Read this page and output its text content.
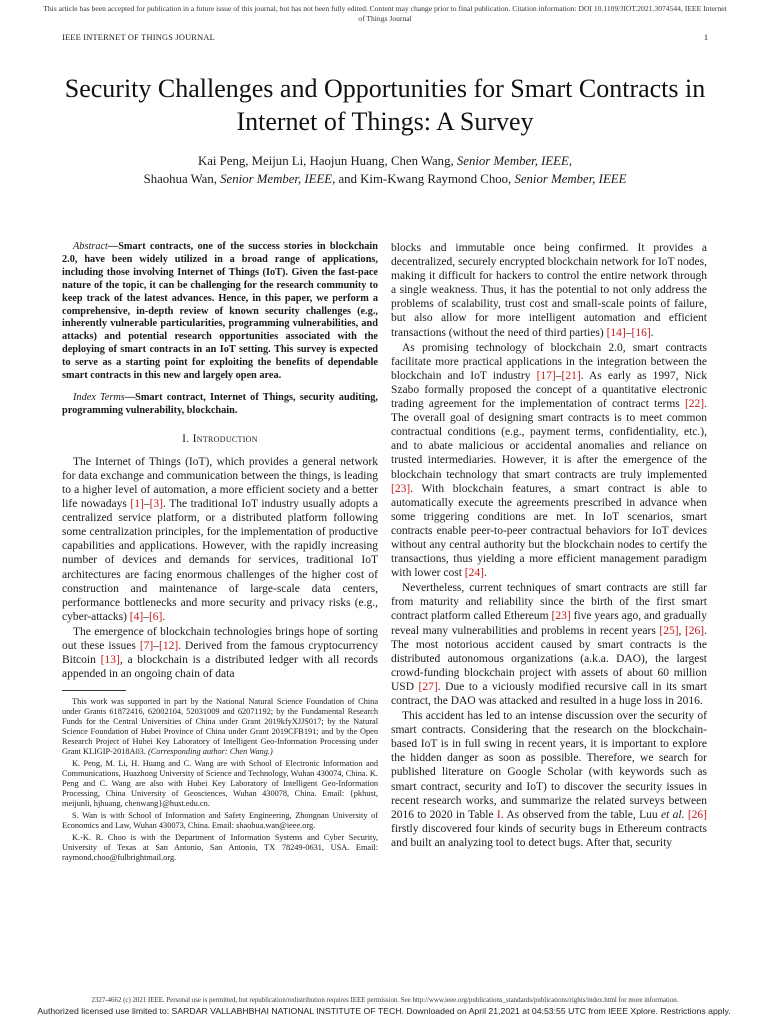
This article has been accepted for publication in a future issue of this journal, but has not been fully edited. Content may change prior to final publication. Citation information: DOI 10.1109/JIOT.2021.3074544, IEEE Internet of Things Journal
IEEE INTERNET OF THINGS JOURNAL	1
Security Challenges and Opportunities for Smart Contracts in Internet of Things: A Survey
Kai Peng, Meijun Li, Haojun Huang, Chen Wang, Senior Member, IEEE,
Shaohua Wan, Senior Member, IEEE, and Kim-Kwang Raymond Choo, Senior Member, IEEE

Abstract—Smart contracts, one of the success stories in blockchain 2.0, have been widely utilized in a broad range of applications, including those involving Internet of Things (IoT). Given the fast-pace nature of the topic, it can be challenging for the research community to keep track of the latest advances. Hence, in this paper, we perform a comprehensive, in-depth review of known security challenges (e.g., inherently vulnerable particularities, programming vulnerabilities, and attacks) and potential research opportunities associated with the deploying of smart contracts in an IoT setting. This survey is expected to serve as a starting point for exploiting the benefits of dependable smart contracts in this new and largely open area.

Index Terms—Smart contract, Internet of Things, security auditing, programming vulnerability, blockchain.

I. Introduction

The Internet of Things (IoT), which provides a general network for data exchange and communication between the things, is leading to a higher level of automation, a more efficient society and a better life nowadays [1]–[3]. The traditional IoT industry usually adopts a centralized service platform, or a distributed platform following some centralization principles, for the implementation of productive capabilities and applications. However, with the rapidly increasing number of devices and demands for services, traditional IoT architectures are facing enormous challenges of the higher cost of construction and maintenance of large-scale data centers, performance bottlenecks and more security and privacy risks (e.g., cyber-attacks) [4]–[6].

The emergence of blockchain technologies brings hope of sorting out these issues [7]–[12]. Derived from the famous cryptocurrency Bitcoin [13], a blockchain is a distributed ledger with all records appended in an ongoing chain of data

This work was supported in part by the National Natural Science Foundation of China under Grants 61872416, 62002104, 52031009 and 62071192; by the Fundamental Research Funds for the Central Universities of China under Grant 2019kfyXJJS017; by the Natural Science Foundation of Hubei Province of China under Grant 2019CFB191; and by the Open Research Project of Hubei Key Laboratory of Intelligent Geo-Information Processing under Grant KLIGIP-2018A03. (Corresponding author: Chen Wang.)

K. Peng, M. Li, H. Huang and C. Wang are with School of Electronic Information and Communications, Huazhong University of Science and Technology, Wuhan 430074, China. K. Peng and C. Wang are also with Hubei Key Laboratory of Intelligent Geo-Information Processing, China University of Geosciences, Wuhan 430078, China. Email: {pkhust, meijunli, hjhuang, chenwang}@hust.edu.cn.

S. Wan is with School of Information and Safety Engineering, Zhongnan University of Economics and Law, Wuhan 430073, China. Email: shaohua.wan@ieee.org.

K.-K. R. Choo is with the Department of Information Systems and Cyber Security, University of Texas at San Antonio, San Antonio, TX 78249-0631, USA. Email: raymond.choo@fulbrightmail.org.

blocks and immutable once being confirmed. It provides a decentralized, securely encrypted blockchain network for IoT nodes, making it difficult for hackers to control the entire network through a single weakness. Thus, it has the potential to not only address the problems of scalability, trust cost and small-scale points of failure, but also allow for more intelligent automation and efficient transactions (without the need of third parties) [14]–[16].

As promising technology of blockchain 2.0, smart contracts facilitate more practical applications in the integration between the blockchain and IoT industry [17]–[21]. As early as 1997, Nick Szabo formally proposed the concept of a quantitative electronic trading agreement for the implementation of contract terms [22]. The overall goal of designing smart contracts is to meet common contractual conditions (e.g., payment terms, confidentiality, etc.), and to abate malicious or accidental anomalies and reliance on trusted intermediaries. However, it is after the emergence of the blockchain technology that smart contracts are truly implemented [23]. With blockchain features, a smart contract is able to automatically execute the agreements prescribed in advance when some triggering conditions are met. In IoT scenarios, smart contracts enable peer-to-peer contractual behaviors for IoT devices without any central authority but the blockchain nodes to certify the transactions, thus yielding a more efficient management paradigm with lower cost [24].

Nevertheless, current techniques of smart contracts are still far from maturity and reliability since the birth of the first smart contract platform called Ethereum [23] five years ago, and gradually reveal many vulnerabilities and problems in recent years [25], [26]. The most notorious accident caused by smart contracts is the distributed autonomous organizations (a.k.a. DAO), the largest crowd-funding blockchain project with assets of about 60 million USD [27]. Due to a viciously modified recursive call in its smart contract, the DAO was attacked and resulted in a huge loss in 2016.

This accident has led to an intense discussion over the security of smart contracts. Considering that the research on the blockchain-based IoT is in full swing in recent years, it is important to explore the hidden danger as soon as possible. Therefore, we search for published literature on Google Scholar (with keywords such as smart contract, security and IoT) to discover the security issues in recent research works, and summarize the related surveys between 2016 to 2020 in Table I. As observed from the table, Luu et al. [26] firstly discovered four kinds of security bugs in Ethereum contracts and built an analyzing tool to detect bugs. After that, security

2327-4662 (c) 2021 IEEE. Personal use is permitted, but republication/redistribution requires IEEE permission. See http://www.ieee.org/publications_standards/publications/rights/index.html for more information.
Authorized licensed use limited to: SARDAR VALLABHBHAI NATIONAL INSTITUTE OF TECH. Downloaded on April 21,2021 at 04:53:55 UTC from IEEE Xplore. Restrictions apply.
